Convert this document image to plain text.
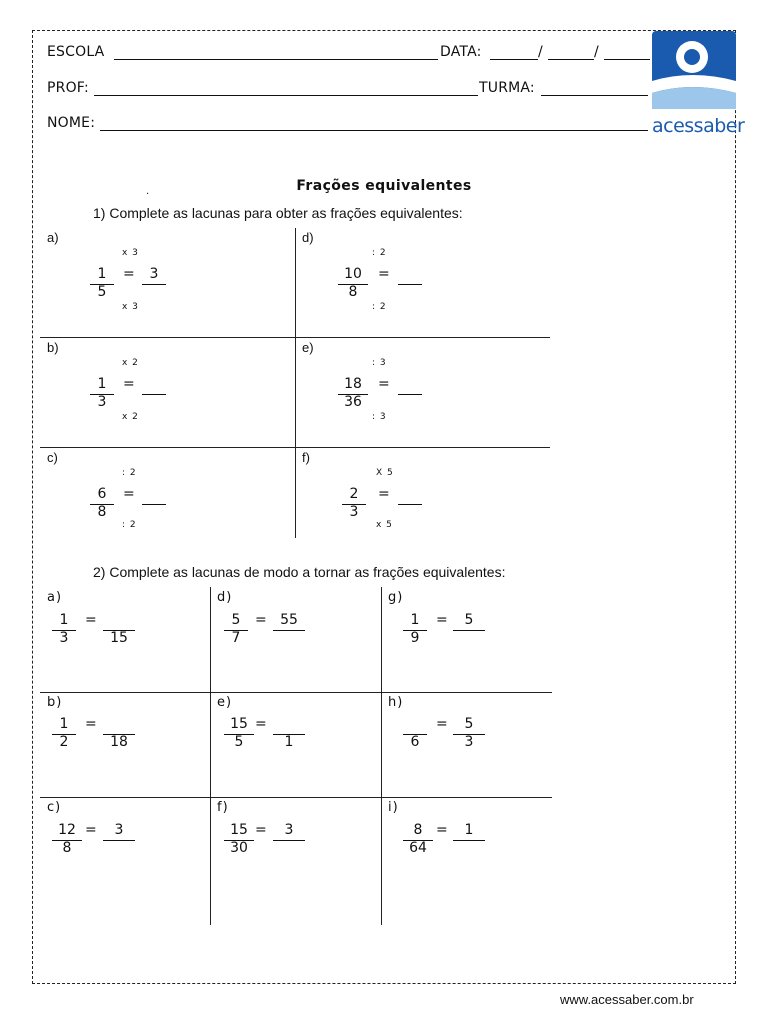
ESCOLA	DATA:	/	/
PROF:	TURMA:
NOME:	acessaber
Frações equivalentes
.
1) Complete as lacunas para obter as frações equivalentes:
a)
x 3
x 3
1
5
=	3
d)
: 2
: 2
10
8
=
b)
x 2
x 2
1
3
=
e)
: 3
: 3
18
36
=
c)
: 2
: 2
6
8
=
f)
X 5
x 5
2
3
=
2) Complete as lacunas de modo a tornar as frações equivalentes:
a)
1
3
=
15
d)
5
7
= 55
g)
1
9
=	5
b)
1
2
=
18
e)
15
5
=
1
h)
6
=	5
3
c)
12
8
=	3
f)
15
30
=	3
i)
8
64
=	1
www.acessaber.com.br
